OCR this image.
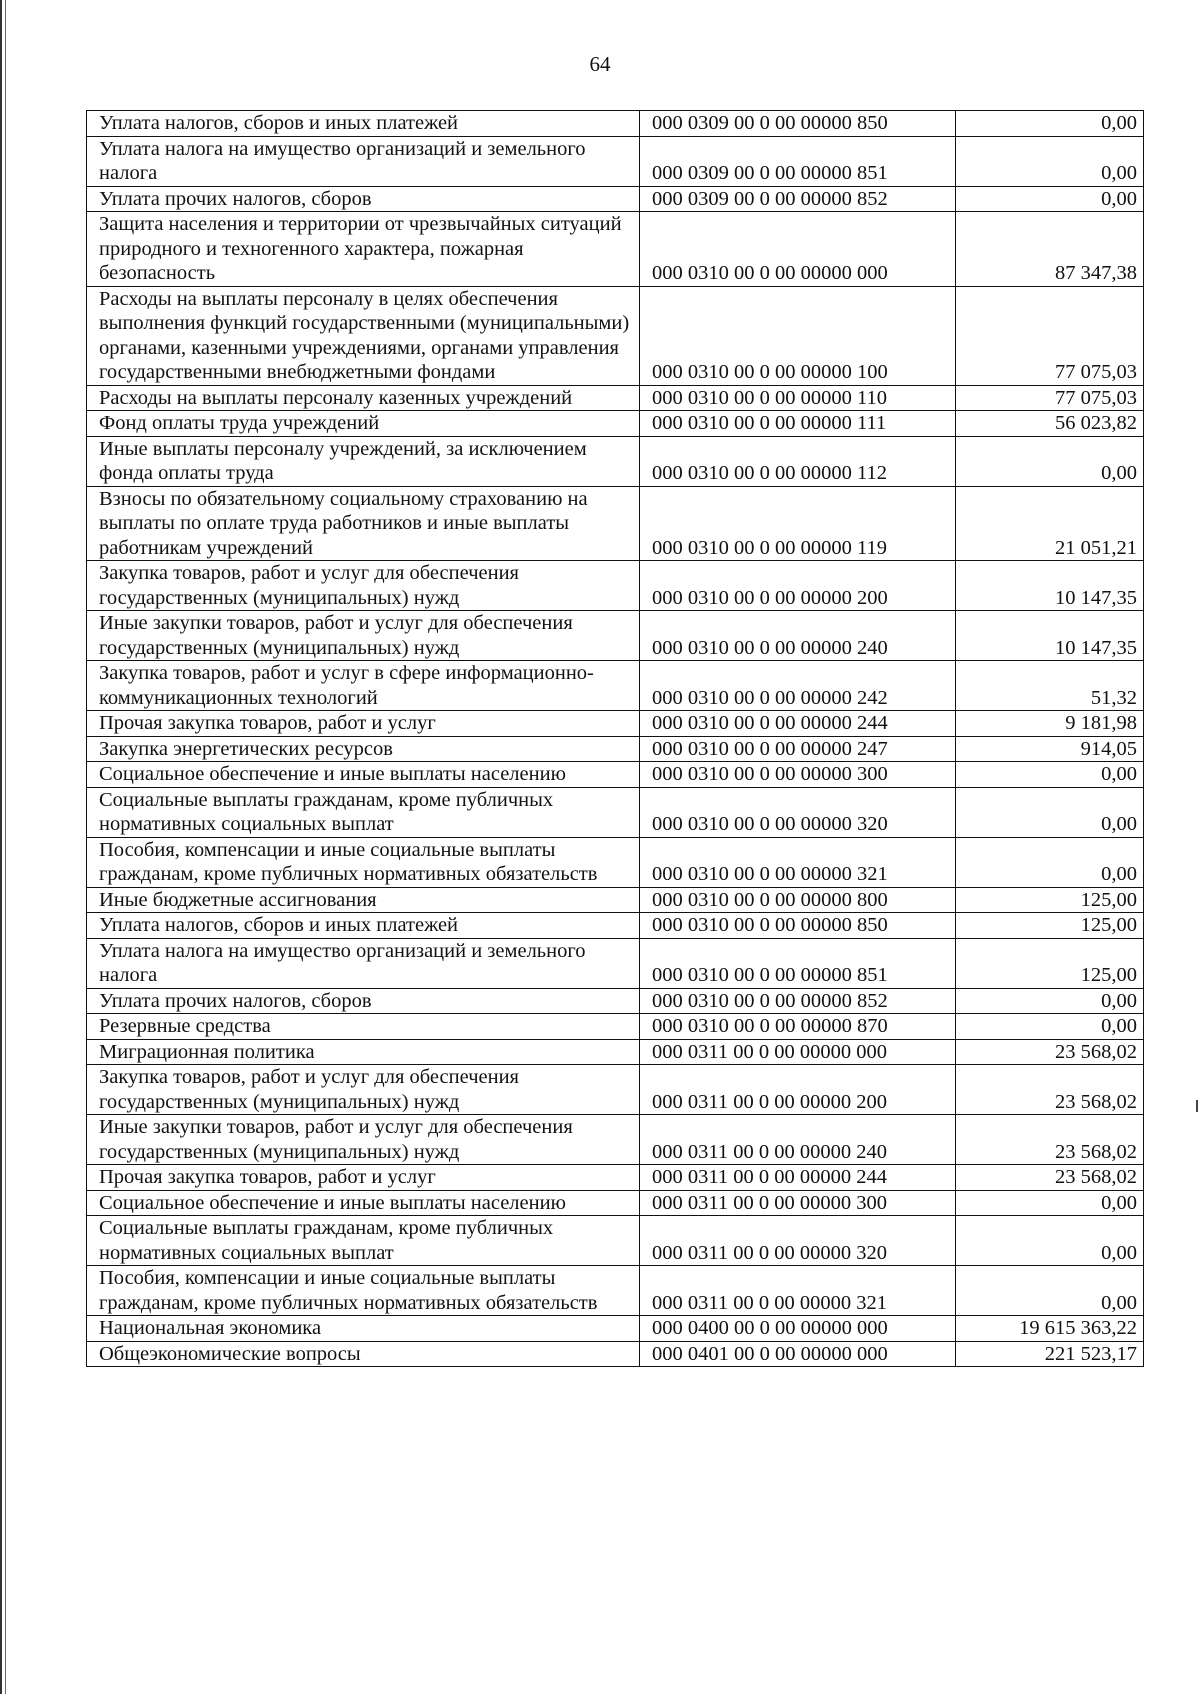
64
Уплата налогов, сборов и иных платежей	000 0309 00 0 00 00000 850	0,00
Уплата налога на имущество организаций и земельного налога	000 0309 00 0 00 00000 851	0,00
Уплата прочих налогов, сборов	000 0309 00 0 00 00000 852	0,00
Защита населения и территории от чрезвычайных ситуаций природного и техногенного характера, пожарная безопасность	000 0310 00 0 00 00000 000	87 347,38
Расходы на выплаты персоналу в целях обеспечения выполнения функций государственными (муниципальными) органами, казенными учреждениями, органами управления государственными внебюджетными фондами	000 0310 00 0 00 00000 100	77 075,03
Расходы на выплаты персоналу казенных учреждений	000 0310 00 0 00 00000 110	77 075,03
Фонд оплаты труда учреждений	000 0310 00 0 00 00000 111	56 023,82
Иные выплаты персоналу учреждений, за исключением фонда оплаты труда	000 0310 00 0 00 00000 112	0,00
Взносы по обязательному социальному страхованию на выплаты по оплате труда работников и иные выплаты работникам учреждений	000 0310 00 0 00 00000 119	21 051,21
Закупка товаров, работ и услуг для обеспечения государственных (муниципальных) нужд	000 0310 00 0 00 00000 200	10 147,35
Иные закупки товаров, работ и услуг для обеспечения государственных (муниципальных) нужд	000 0310 00 0 00 00000 240	10 147,35
Закупка товаров, работ и услуг в сфере информационно-коммуникационных технологий	000 0310 00 0 00 00000 242	51,32
Прочая закупка товаров, работ и услуг	000 0310 00 0 00 00000 244	9 181,98
Закупка энергетических ресурсов	000 0310 00 0 00 00000 247	914,05
Социальное обеспечение и иные выплаты населению	000 0310 00 0 00 00000 300	0,00
Социальные выплаты гражданам, кроме публичных нормативных социальных выплат	000 0310 00 0 00 00000 320	0,00
Пособия, компенсации и иные социальные выплаты гражданам, кроме публичных нормативных обязательств	000 0310 00 0 00 00000 321	0,00
Иные бюджетные ассигнования	000 0310 00 0 00 00000 800	125,00
Уплата налогов, сборов и иных платежей	000 0310 00 0 00 00000 850	125,00
Уплата налога на имущество организаций и земельного налога	000 0310 00 0 00 00000 851	125,00
Уплата прочих налогов, сборов	000 0310 00 0 00 00000 852	0,00
Резервные средства	000 0310 00 0 00 00000 870	0,00
Миграционная политика	000 0311 00 0 00 00000 000	23 568,02
Закупка товаров, работ и услуг для обеспечения государственных (муниципальных) нужд	000 0311 00 0 00 00000 200	23 568,02
Иные закупки товаров, работ и услуг для обеспечения государственных (муниципальных) нужд	000 0311 00 0 00 00000 240	23 568,02
Прочая закупка товаров, работ и услуг	000 0311 00 0 00 00000 244	23 568,02
Социальное обеспечение и иные выплаты населению	000 0311 00 0 00 00000 300	0,00
Социальные выплаты гражданам, кроме публичных нормативных социальных выплат	000 0311 00 0 00 00000 320	0,00
Пособия, компенсации и иные социальные выплаты гражданам, кроме публичных нормативных обязательств	000 0311 00 0 00 00000 321	0,00
Национальная экономика	000 0400 00 0 00 00000 000	19 615 363,22
Общеэкономические вопросы	000 0401 00 0 00 00000 000	221 523,17
